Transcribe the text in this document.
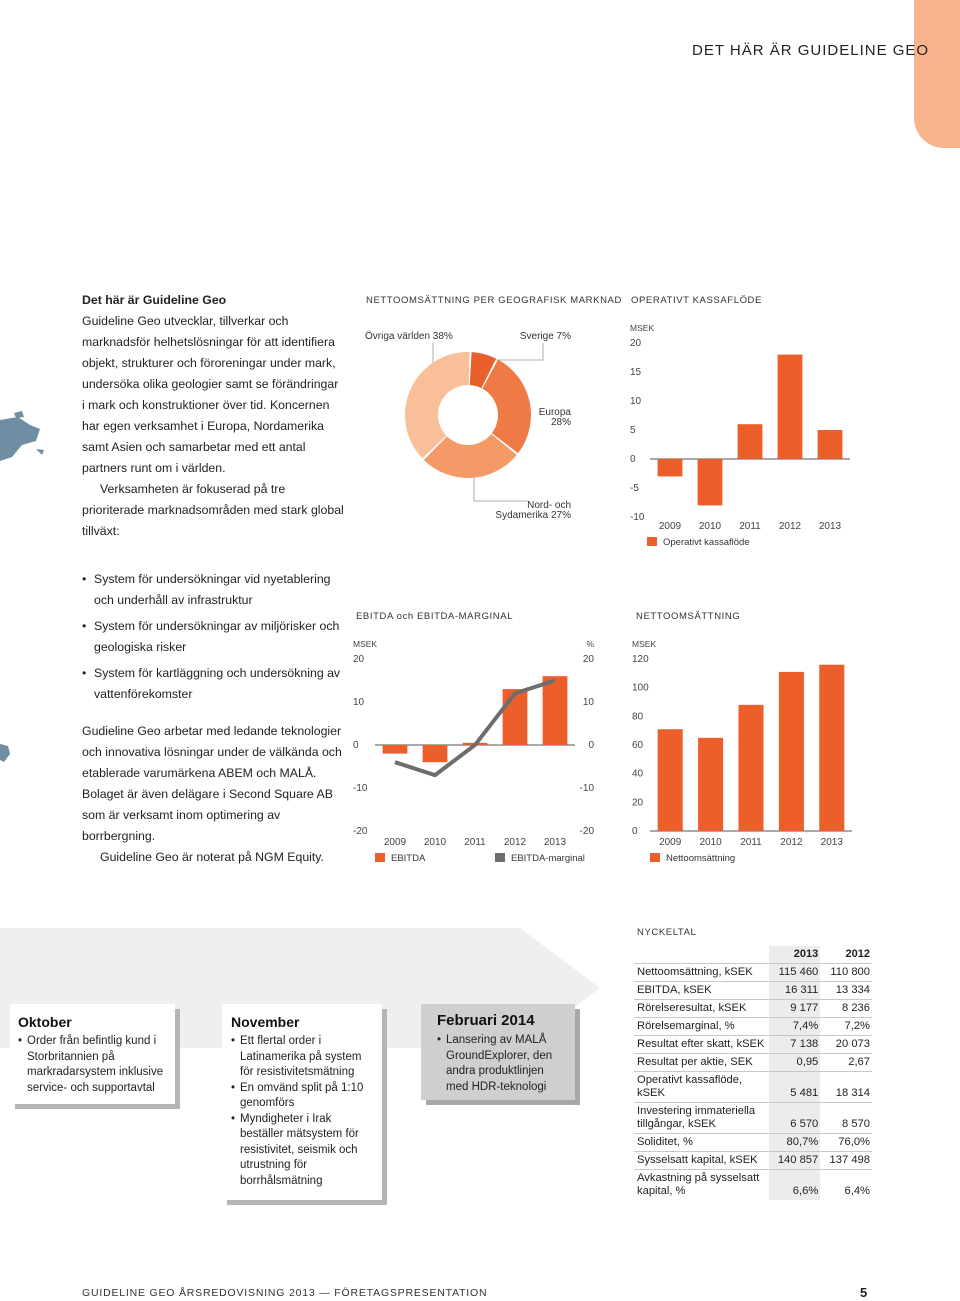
DET HÄR ÄR GUIDELINE GEO

Det här är Guideline Geo

Guideline Geo utvecklar, tillverkar och marknadsför helhetslösningar för att identifiera objekt, strukturer och föroreningar under mark, undersöka olika geologier samt se förändringar i mark och konstruktioner över tid. Koncernen har egen verksamhet i Europa, Nordamerika samt Asien och samarbetar med ett antal partners runt om i världen.

Verksamheten är fokuserad på tre prioriterade marknadsområden med stark global tillväxt:

• System för undersökningar vid nyetablering och underhåll av infrastruktur
• System för undersökningar av miljörisker och geologiska risker
• System för kartläggning och undersökning av vattenförekomster

Gudieline Geo arbetar med ledande teknologier och innovativa lösningar under de välkända och etablerade varumärkena ABEM och MALÅ. Bolaget är även delägare i Second Square AB som är verksamt inom optimering av borrbergning.

Guideline Geo är noterat på NGM Equity.

NETTOOMSÄTTNING PER GEOGRAFISK MARKNAD
Övriga världen 38%	Sverige 7%
Europa
28%
Nord- och
Sydamerika 27%
OPERATIVT KASSAFLÖDE
MSEK
20
15
10
5
0
-5
-10
2009 2010 2011 2012 2013
Operativt kassaflöde
EBITDA och EBITDA-MARGINAL
MSEK	%
20
10
0
-10
-20
20
10
0
-10
-20
2009 2010 2011 2012 2013
EBITDA	EBITDA-marginal
NETTOOMSÄTTNING
MSEK
120
100
80
60
40
20
0
2009 2010 2011 2012 2013
Nettoomsättning
Oktober
• Order från befintlig kund i Storbritannien på markradarsystem inklusive service- och supportavtal
November
• Ett flertal order i Latinamerika på system för resistivitetsmätning
• En omvänd split på 1:10 genomförs
• Myndigheter i Irak beställer mätsystem för resistivitet, seismik och utrustning för borrhålsmätning
Februari 2014
• Lansering av MALÅ GroundExplorer, den andra produktlinjen med HDR-teknologi
NYCKELTAL
	2013	2012
Nettoomsättning, kSEK	115 460	110 800
EBITDA, kSEK	16 311	13 334
Rörelseresultat, kSEK	9 177	8 236
Rörelsemarginal, %	7,4%	7,2%
Resultat efter skatt, kSEK	7 138	20 073
Resultat per aktie, SEK	0,95	2,67
Operativt kassaflöde, kSEK	5 481	18 314
Investering immateriella tillgångar, kSEK	6 570	8 570
Soliditet, %	80,7%	76,0%
Sysselsatt kapital, kSEK	140 857	137 498
Avkastning på sysselsatt kapital, %	6,6%	6,4%
GUIDELINE GEO ÅRSREDOVISNING 2013 — FÖRETAGSPRESENTATION	5
